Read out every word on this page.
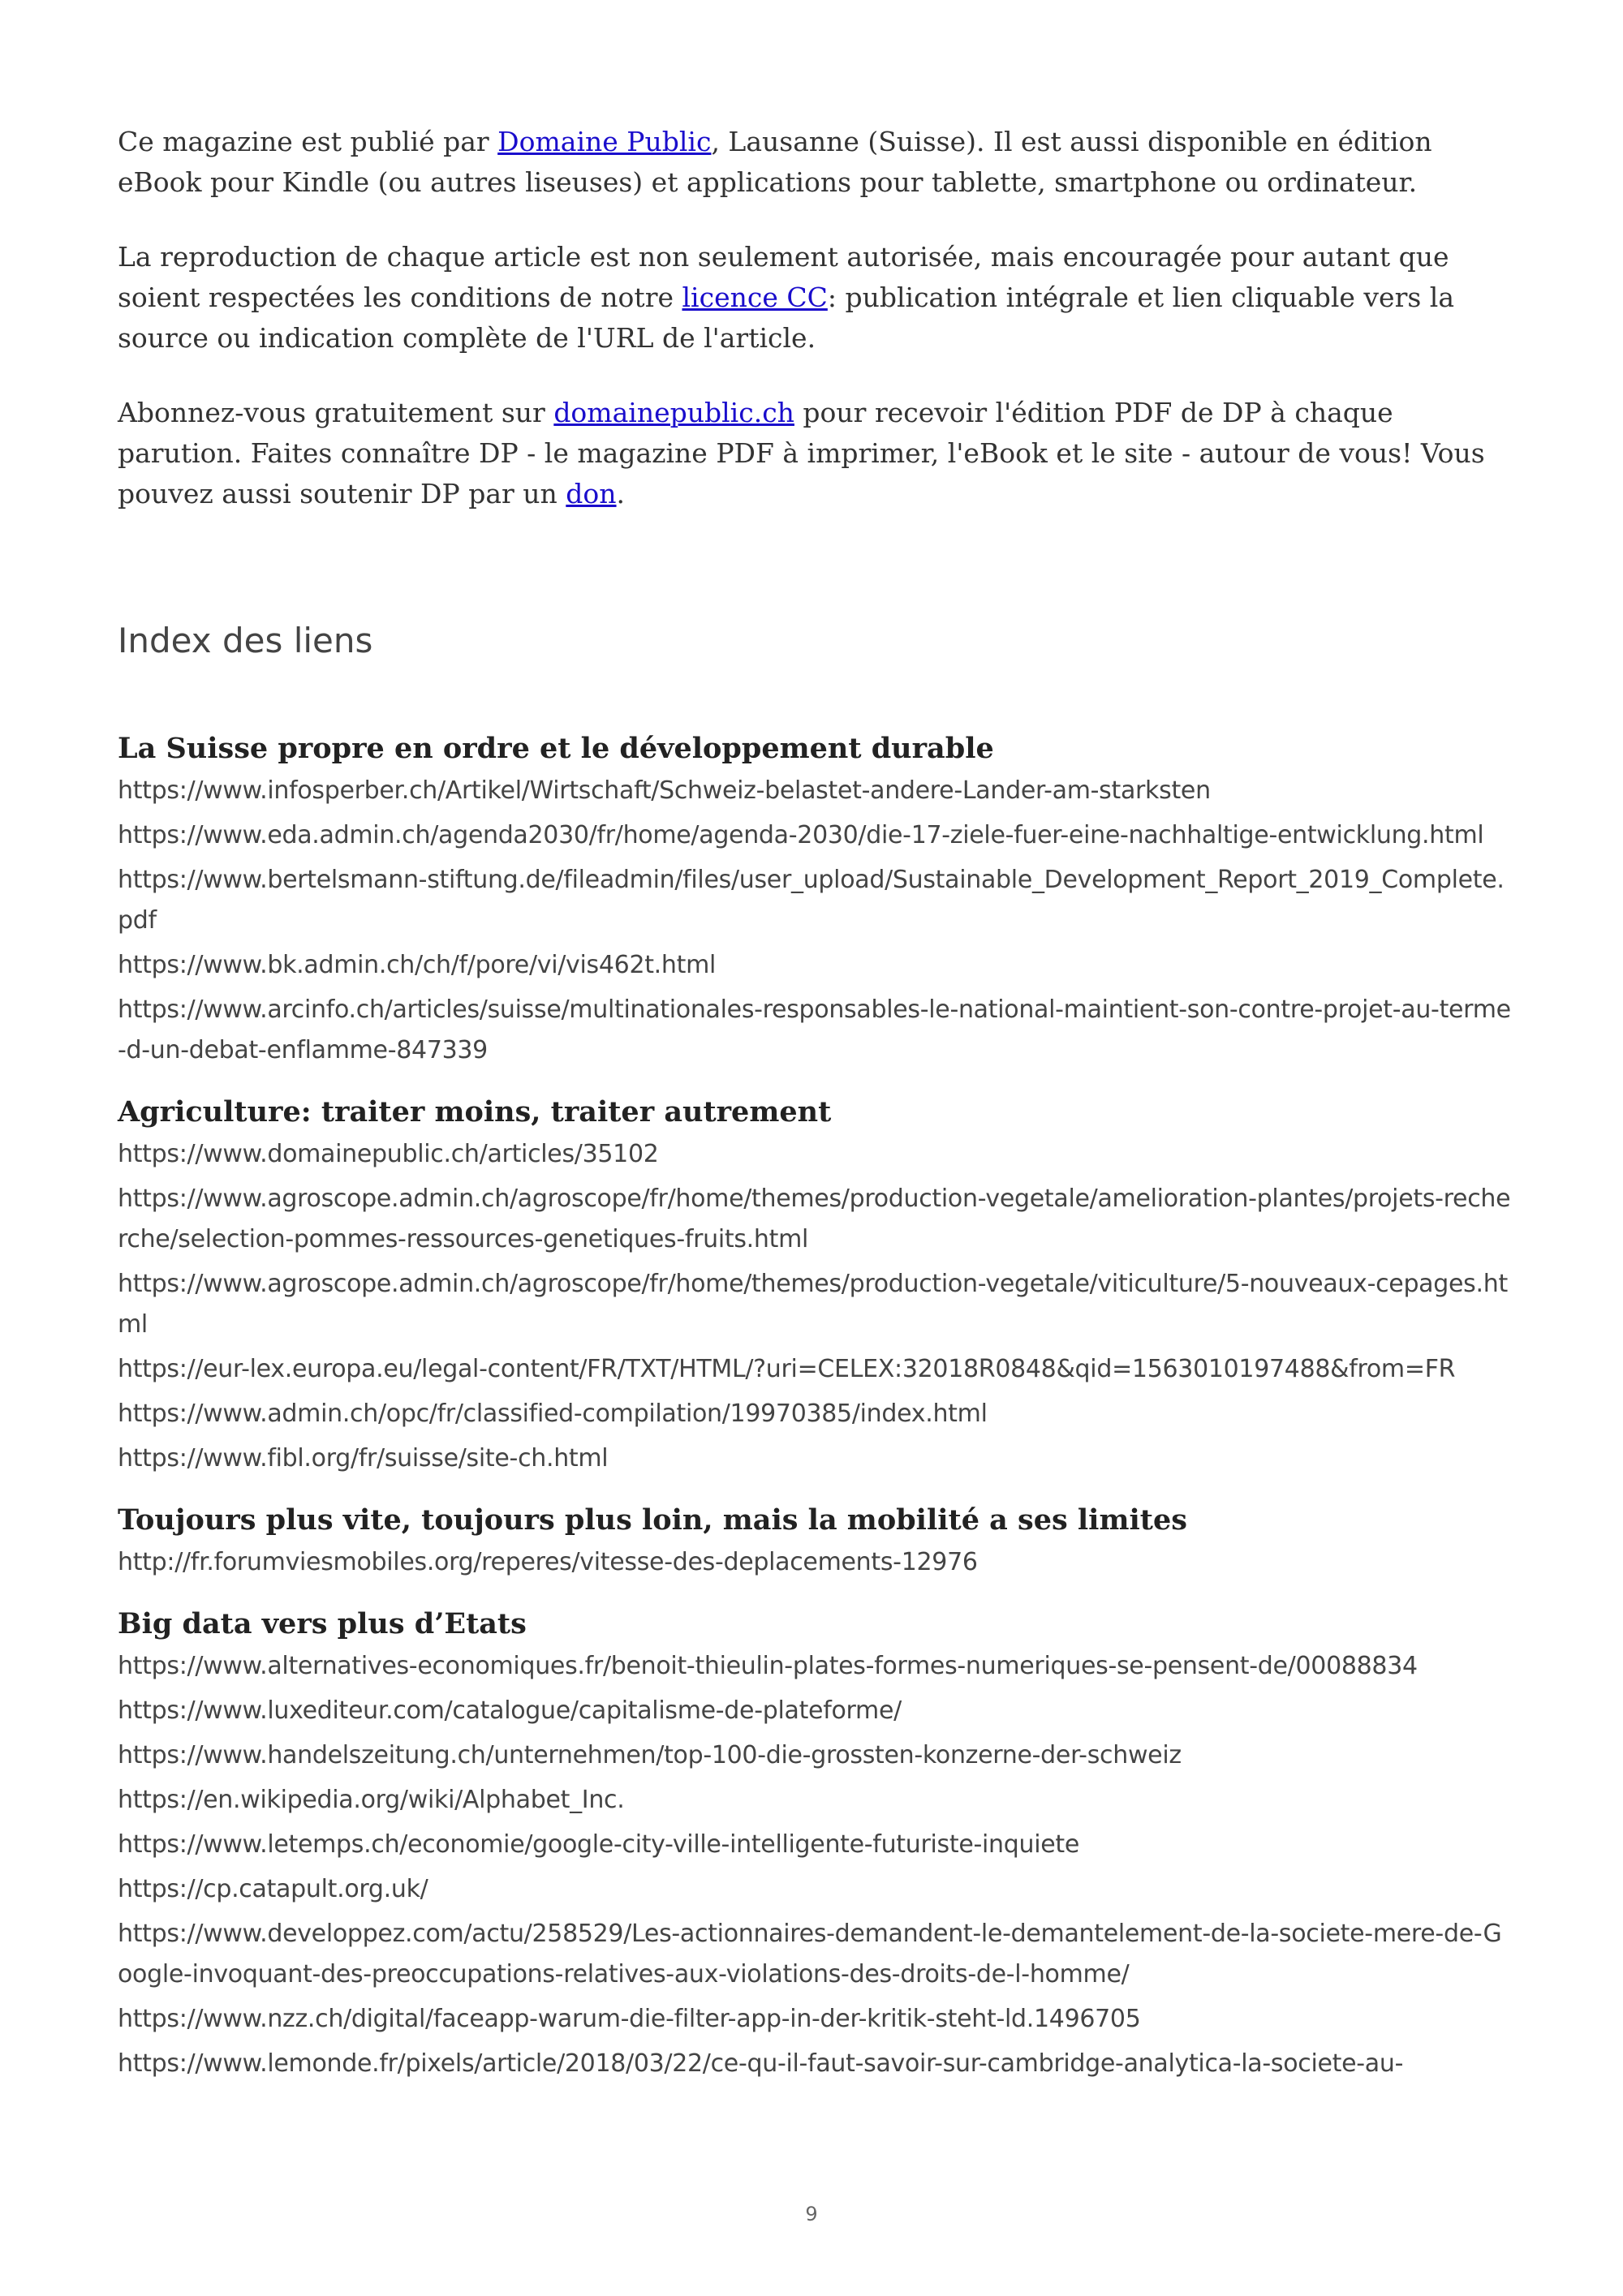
Ce magazine est publié par Domaine Public, Lausanne (Suisse). Il est aussi disponible en édition eBook pour Kindle (ou autres liseuses) et applications pour tablette, smartphone ou ordinateur.

La reproduction de chaque article est non seulement autorisée, mais encouragée pour autant que soient respectées les conditions de notre licence CC: publication intégrale et lien cliquable vers la source ou indication complète de l'URL de l'article.

Abonnez-vous gratuitement sur domainepublic.ch pour recevoir l'édition PDF de DP à chaque parution. Faites connaître DP - le magazine PDF à imprimer, l'eBook et le site - autour de vous! Vous pouvez aussi soutenir DP par un don.

Index des liens
La Suisse propre en ordre et le développement durable
https://www.infosperber.ch/Artikel/Wirtschaft/Schweiz-belastet-andere-Lander-am-starksten
https://www.eda.admin.ch/agenda2030/fr/home/agenda-2030/die-17-ziele-fuer-eine-nachhaltige-entwicklung.html
https://www.bertelsmann-stiftung.de/fileadmin/files/user_upload/Sustainable_Development_Report_2019_Complete.pdf
https://www.bk.admin.ch/ch/f/pore/vi/vis462t.html
https://www.arcinfo.ch/articles/suisse/multinationales-responsables-le-national-maintient-son-contre-projet-au-terme-d-un-debat-enflamme-847339
Agriculture: traiter moins, traiter autrement
https://www.domainepublic.ch/articles/35102
https://www.agroscope.admin.ch/agroscope/fr/home/themes/production-vegetale/amelioration-plantes/projets-recherche/selection-pommes-ressources-genetiques-fruits.html
https://www.agroscope.admin.ch/agroscope/fr/home/themes/production-vegetale/viticulture/5-nouveaux-cepages.html
https://eur-lex.europa.eu/legal-content/FR/TXT/HTML/?uri=CELEX:32018R0848&qid=1563010197488&from=FR
https://www.admin.ch/opc/fr/classified-compilation/19970385/index.html
https://www.fibl.org/fr/suisse/site-ch.html
Toujours plus vite, toujours plus loin, mais la mobilité a ses limites
http://fr.forumviesmobiles.org/reperes/vitesse-des-deplacements-12976
Big data vers plus d’Etats
https://www.alternatives-economiques.fr/benoit-thieulin-plates-formes-numeriques-se-pensent-de/00088834
https://www.luxediteur.com/catalogue/capitalisme-de-plateforme/
https://www.handelszeitung.ch/unternehmen/top-100-die-grossten-konzerne-der-schweiz
https://en.wikipedia.org/wiki/Alphabet_Inc.
https://www.letemps.ch/economie/google-city-ville-intelligente-futuriste-inquiete
https://cp.catapult.org.uk/
https://www.developpez.com/actu/258529/Les-actionnaires-demandent-le-demantelement-de-la-societe-mere-de-Google-invoquant-des-preoccupations-relatives-aux-violations-des-droits-de-l-homme/
https://www.nzz.ch/digital/faceapp-warum-die-filter-app-in-der-kritik-steht-ld.1496705
https://www.lemonde.fr/pixels/article/2018/03/22/ce-qu-il-faut-savoir-sur-cambridge-analytica-la-societe-au-
9
